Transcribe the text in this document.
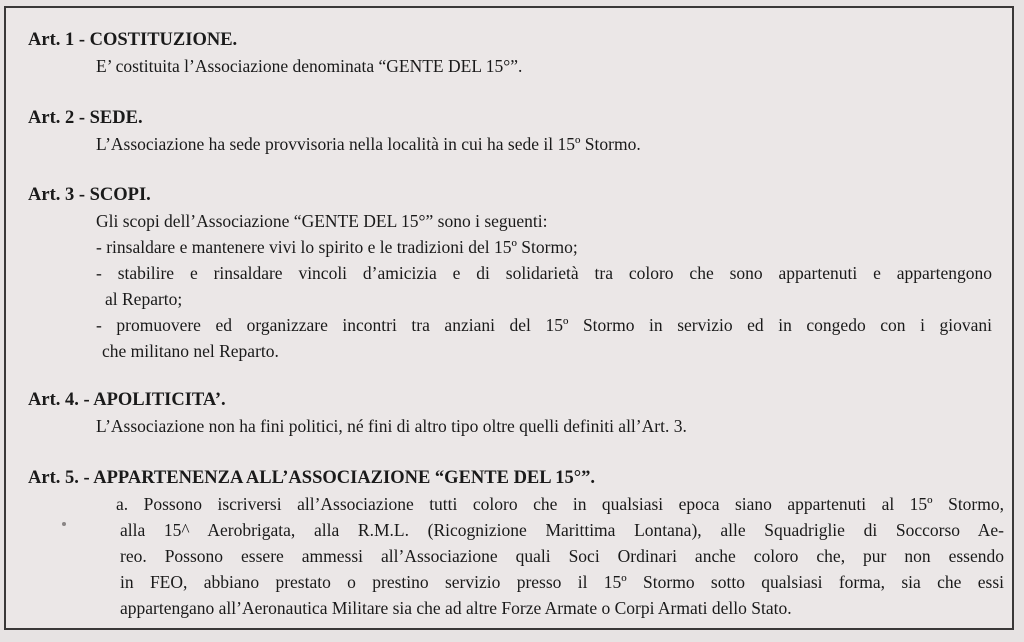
Art. 1 - COSTITUZIONE.
E’ costituita l’Associazione denominata “GENTE DEL 15°”.
Art. 2 - SEDE.
L’Associazione ha sede provvisoria nella località in cui ha sede il 15º Stormo.
Art. 3 - SCOPI.
Gli scopi dell’Associazione “GENTE DEL 15°” sono i seguenti:
- rinsaldare e mantenere vivi lo spirito e le tradizioni del 15º Stormo;
- stabilire e rinsaldare vincoli d’amicizia e di solidarietà tra coloro che sono appartenuti e appartengono
al Reparto;
- promuovere ed organizzare incontri tra anziani del 15º Stormo in servizio ed in congedo con i giovani
che militano nel Reparto.
Art. 4. - APOLITICITA’.
L’Associazione non ha fini politici, né fini di altro tipo oltre quelli definiti all’Art. 3.
Art. 5. - APPARTENENZA ALL’ASSOCIAZIONE “GENTE DEL 15°”.
a. Possono iscriversi all’Associazione tutti coloro che in qualsiasi epoca siano appartenuti al 15º Stormo,
alla 15^ Aerobrigata, alla R.M.L. (Ricognizione Marittima Lontana), alle Squadriglie di Soccorso Ae-
reo. Possono essere ammessi all’Associazione quali Soci Ordinari anche coloro che, pur non essendo
in FEO, abbiano prestato o prestino servizio presso il 15º Stormo sotto qualsiasi forma, sia che essi
appartengano all’Aeronautica Militare sia che ad altre Forze Armate o Corpi Armati dello Stato.
